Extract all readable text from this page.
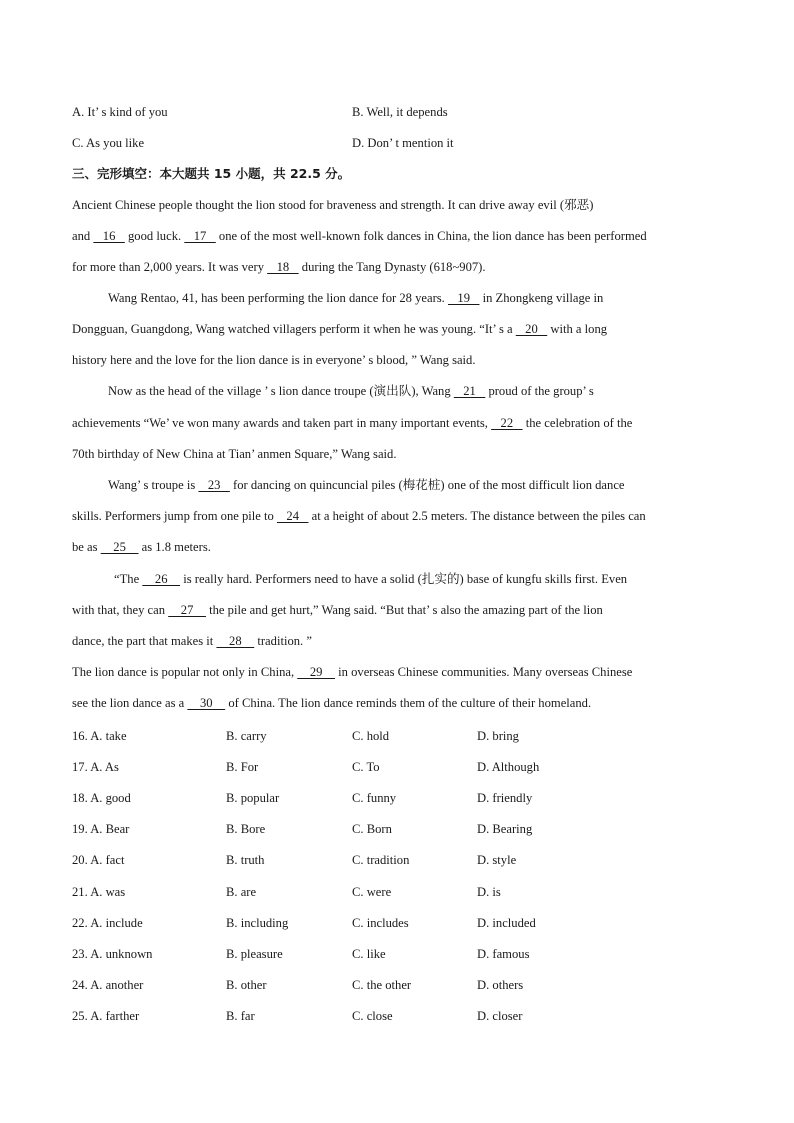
A. It’ s kind of you	B. Well, it depends
C. As you like	D. Don’ t mention it
三、完形填空：本大题共 15 小题，共 22.5 分。
Ancient Chinese people thought the lion stood for braveness and strength. It can drive away evil (邪恶)
and    16    good luck.    17    one of the most well-known folk dances in China, the lion dance has been performed
for more than 2,000 years. It was very    18    during the Tang Dynasty (618~907).
Wang Rentao, 41, has been performing the lion dance for 28 years.    19    in Zhongkeng village in
Dongguan, Guangdong, Wang watched villagers perform it when he was young. “It’ s a    20    with a long
history here and the love for the lion dance is in everyone’ s blood, ” Wang said.
Now as the head of the village ’ s lion dance troupe (演出队), Wang    21    proud of the group’ s
achievements “We’ ve won many awards and taken part in many important events,    22    the celebration of the
70th birthday of New China at Tian’ anmen Square,” Wang said.
Wang’ s troupe is    23    for dancing on quincuncial piles (梅花桩) one of the most difficult lion dance
skills. Performers jump from one pile to    24    at a height of about 2.5 meters. The distance between the piles can
be as     25     as 1.8 meters.
“The     26     is really hard. Performers need to have a solid (扎实的) base of kungfu skills first. Even
with that, they can     27     the pile and get hurt,” Wang said. “But that’ s also the amazing part of the lion
dance, the part that makes it     28     tradition. ”
The lion dance is popular not only in China,     29     in overseas Chinese communities. Many overseas Chinese
see the lion dance as a     30     of China. The lion dance reminds them of the culture of their homeland.
16. A. take	B. carry	C. hold	D. bring
17. A. As	B. For	C. To	D. Although
18. A. good	B. popular	C. funny	D. friendly
19. A. Bear	B. Bore	C. Born	D. Bearing
20. A. fact	B. truth	C. tradition	D. style
21. A. was	B. are	C. were	D. is
22. A. include	B. including	C. includes	D. included
23. A. unknown	B. pleasure	C. like	D. famous
24. A. another	B. other	C. the other	D. others
25. A. farther	B. far	C. close	D. closer
